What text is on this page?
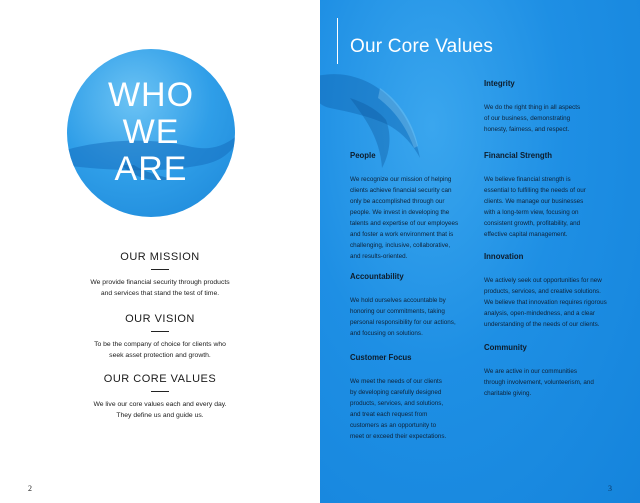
WHO
WE
ARE
OUR MISSION
We provide financial security through products
and services that stand the test of time.
OUR VISION
To be the company of choice for clients who
seek asset protection and growth.
OUR CORE VALUES
We live our core values each and every day.
They define us and guide us.
2
Our Core Values
Integrity
We do the right thing in all aspects
of our business, demonstrating
honesty, fairness, and respect.
People
We recognize our mission of helping
clients achieve financial security can
only be accomplished through our
people. We invest in developing the
talents and expertise of our employees
and foster a work environment that is
challenging, inclusive, collaborative,
and results-oriented.
Financial Strength
We believe financial strength is
essential to fulfilling the needs of our
clients. We manage our businesses
with a long-term view, focusing on
consistent growth, profitability, and
effective capital management.
Innovation
We actively seek out opportunities for new
products, services, and creative solutions.
We believe that innovation requires rigorous
analysis, open-mindedness, and a clear
understanding of the needs of our clients.
Accountability
We hold ourselves accountable by
honoring our commitments, taking
personal responsibility for our actions,
and focusing on solutions.
Community
We are active in our communities
through involvement, volunteerism, and
charitable giving.
Customer Focus
We meet the needs of our clients
by developing carefully designed
products, services, and solutions,
and treat each request from
customers as an opportunity to
meet or exceed their expectations.
3
